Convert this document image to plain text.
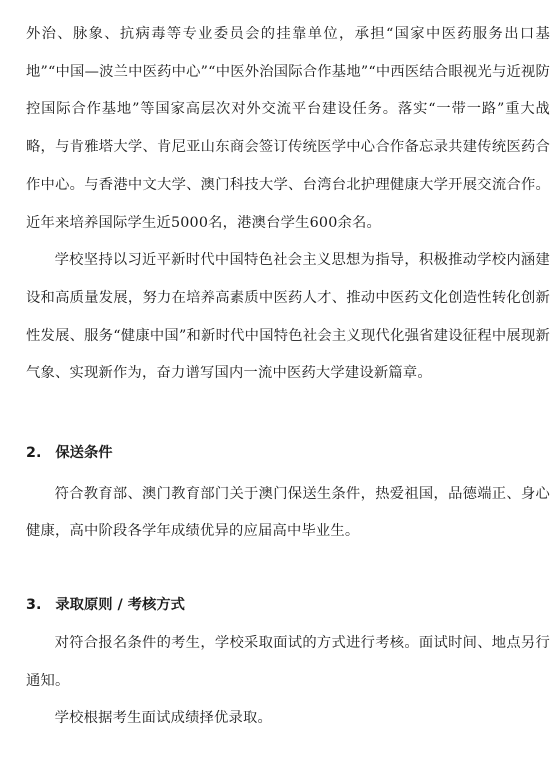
外治、脉象、抗病毒等专业委员会的挂靠单位，承担“国家中医药服务出口基地”“中国—波兰中医药中心”“中医外治国际合作基地”“中西医结合眼视光与近视防控国际合作基地”等国家高层次对外交流平台建设任务。落实“一带一路”重大战略，与肯雅塔大学、肯尼亚山东商会签订传统医学中心合作备忘录共建传统医药合作中心。与香港中文大学、澳门科技大学、台湾台北护理健康大学开展交流合作。近年来培养国际学生近5000名，港澳台学生600余名。

学校坚持以习近平新时代中国特色社会主义思想为指导，积极推动学校内涵建设和高质量发展，努力在培养高素质中医药人才、推动中医药文化创造性转化创新性发展、服务“健康中国”和新时代中国特色社会主义现代化强省建设征程中展现新气象、实现新作为，奋力谱写国内一流中医药大学建设新篇章。

2. 保送条件

符合教育部、澳门教育部门关于澳门保送生条件，热爱祖国，品德端正、身心健康，高中阶段各学年成绩优异的应届高中毕业生。

3. 录取原则 / 考核方式

对符合报名条件的考生，学校采取面试的方式进行考核。面试时间、地点另行通知。

学校根据考生面试成绩择优录取。
